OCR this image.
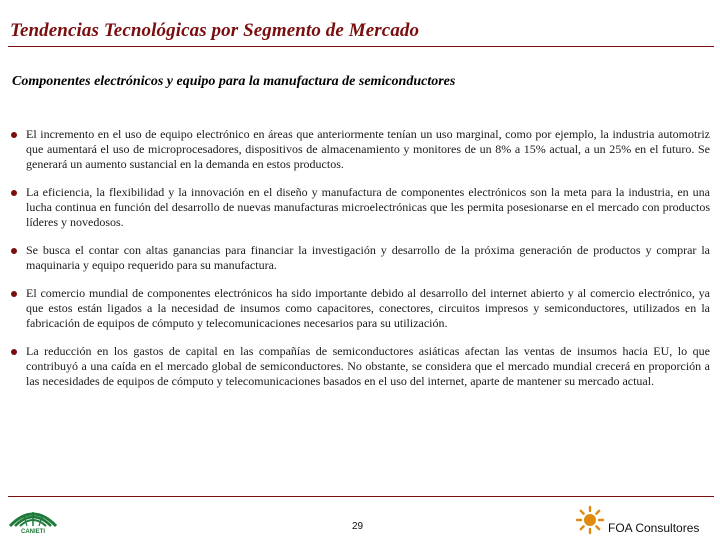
Tendencias Tecnológicas por Segmento de Mercado
Componentes electrónicos y equipo para la manufactura de semiconductores
El incremento en el uso de equipo electrónico en áreas que anteriormente tenían un uso marginal, como por ejemplo, la industria automotriz que aumentará el uso de microprocesadores, dispositivos de almacenamiento y monitores de un 8% a 15% actual, a un 25% en el futuro. Se generará un aumento sustancial en la demanda en estos productos.
La eficiencia, la flexibilidad y la innovación en el diseño y manufactura de componentes electrónicos son la meta para la industria, en una lucha continua en función del desarrollo de nuevas manufacturas microelectrónicas que les permita posesionarse en el mercado con productos líderes y novedosos.
Se busca el contar con altas ganancias para financiar la investigación y desarrollo de la próxima generación de productos y comprar la maquinaria y equipo requerido para su manufactura.
El comercio mundial de componentes electrónicos ha sido importante debido al desarrollo del internet abierto y al comercio electrónico, ya que estos están ligados a la necesidad de insumos como capacitores, conectores, circuitos impresos y semiconductores, utilizados en la fabricación de equipos de cómputo y telecomunicaciones necesarios para su utilización.
La reducción en los gastos de capital en las compañías de semiconductores asiáticas afectan las ventas de insumos hacia EU, lo que contribuyó a una caída en el mercado global de semiconductores. No obstante, se considera que el mercado mundial crecerá en proporción a las necesidades de equipos de cómputo y telecomunicaciones basados en el uso del internet, aparte de mantener su mercado actual.
CANIETI	29	FOA Consultores
